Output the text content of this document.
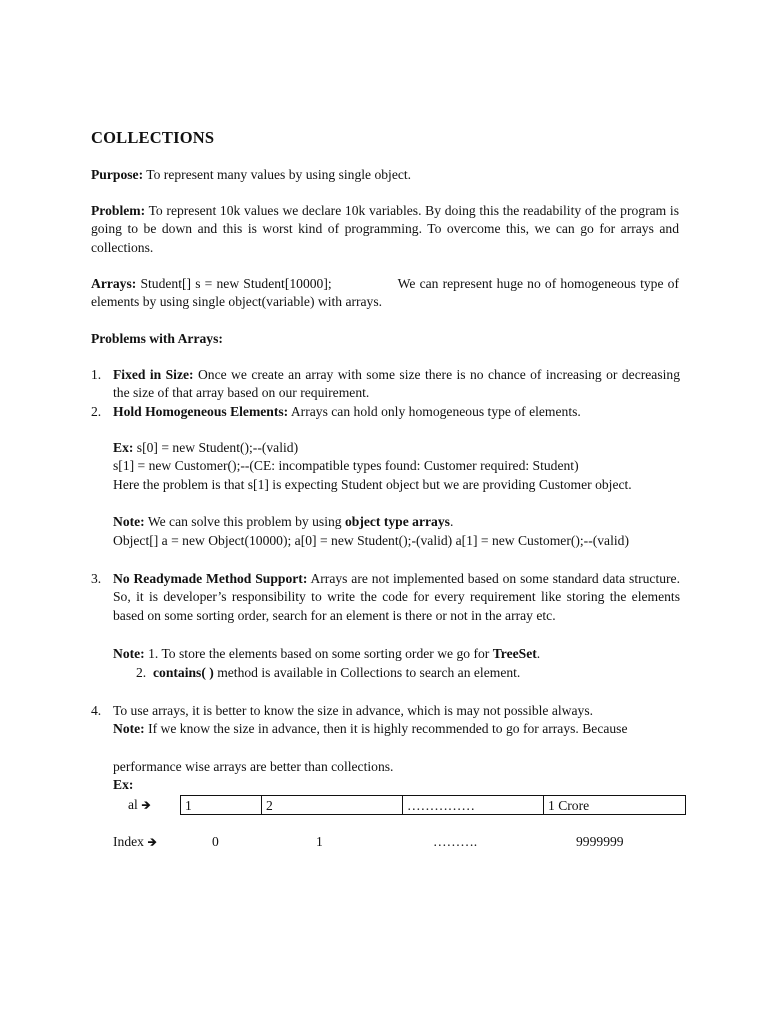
COLLECTIONS

Purpose: To represent many values by using single object.

Problem: To represent 10k values we declare 10k variables. By doing this the readability of the program is going to be down and this is worst kind of programming. To overcome this, we can go for arrays and collections.

Arrays: Student[] s = new Student[10000];	We can represent huge no of homogeneous type of elements by using single object(variable) with arrays.

Problems with Arrays:

1. Fixed in Size: Once we create an array with some size there is no chance of increasing or decreasing the size of that array based on our requirement.
2. Hold Homogeneous Elements: Arrays can hold only homogeneous type of elements.

Ex: s[0] = new Student();--(valid)

s[1] = new Customer();--(CE: incompatible types found: Customer required: Student)

Here the problem is that s[1] is expecting Student object but we are providing Customer object.

Note: We can solve this problem by using object type arrays.

Object[] a = new Object(10000); a[0] = new Student();-(valid) a[1] = new Customer();--(valid)

3. No Readymade Method Support: Arrays are not implemented based on some standard data structure. So, it is developer’s responsibility to write the code for every requirement like storing the elements based on some sorting order, search for an element is there or not in the array etc.

Note: 1. To store the elements based on some sorting order we go for TreeSet.

2. contains( ) method is available in Collections to search an element.

4. To use arrays, it is better to know the size in advance, which is may not possible always.

Note: If we know the size in advance, then it is highly recommended to go for arrays. Because

performance wise arrays are better than collections.

Ex:

al 🡺	1	2	……………	1 Crore
Index 🡺	0	1	……….	9999999
